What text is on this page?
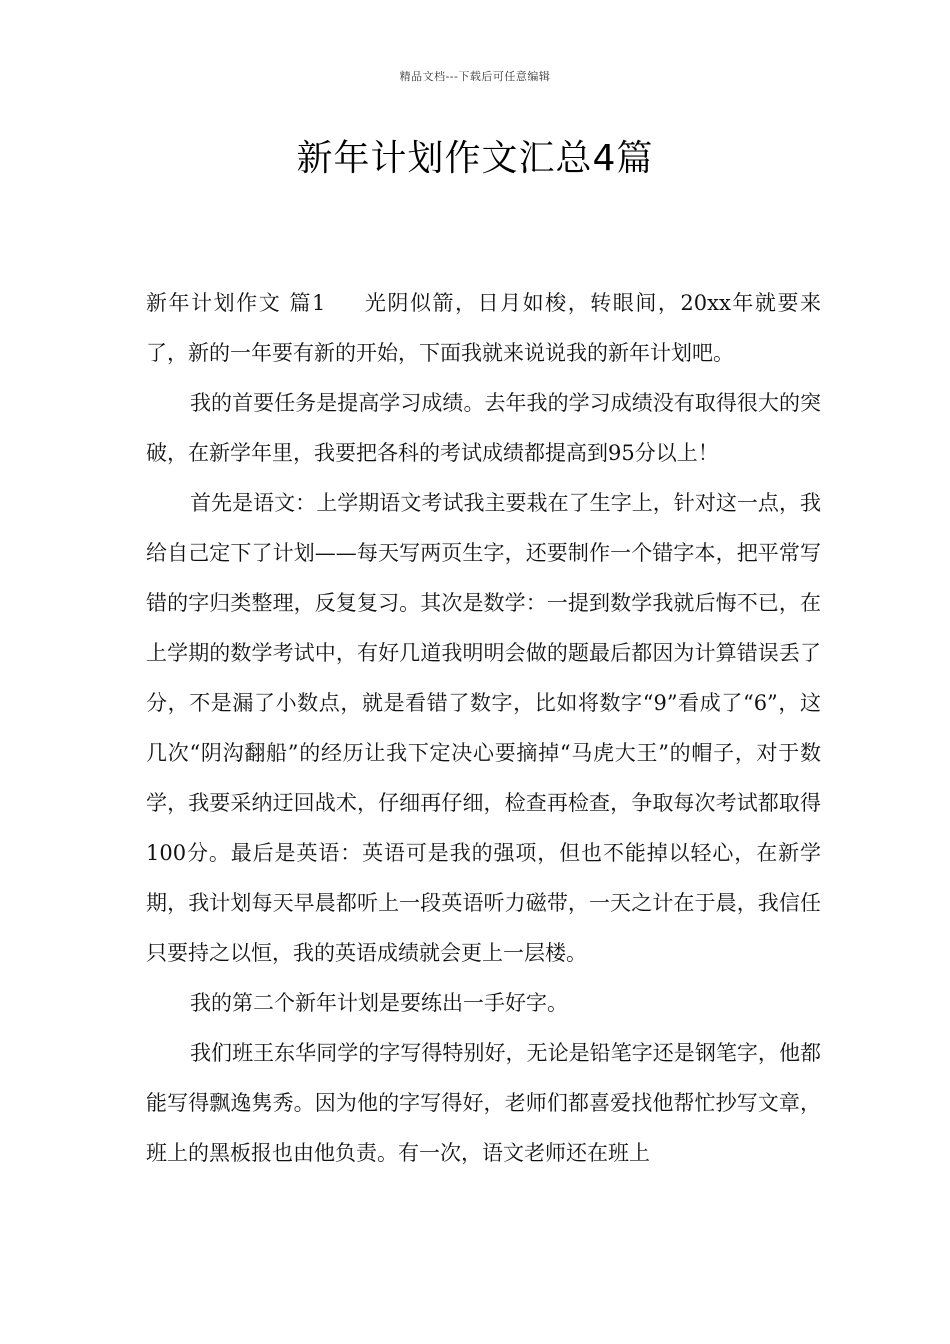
精品文档---下载后可任意编辑
新年计划作文汇总4篇

新年计划作文 篇1 光阴似箭，日月如梭，转眼间，20xx年就要来了，新的一年要有新的开始，下面我就来说说我的新年计划吧。

我的首要任务是提高学习成绩。去年我的学习成绩没有取得很大的突破，在新学年里，我要把各科的考试成绩都提高到95分以上！

首先是语文：上学期语文考试我主要栽在了生字上，针对这一点，我给自己定下了计划——每天写两页生字，还要制作一个错字本，把平常写错的字归类整理，反复复习。其次是数学：一提到数学我就后悔不已，在上学期的数学考试中，有好几道我明明会做的题最后都因为计算错误丢了分，不是漏了小数点，就是看错了数字，比如将数字“9”看成了“6”，这几次“阴沟翻船”的经历让我下定决心要摘掉“马虎大王”的帽子，对于数学，我要采纳迂回战术，仔细再仔细，检查再检查，争取每次考试都取得100分。最后是英语：英语可是我的强项，但也不能掉以轻心，在新学期，我计划每天早晨都听上一段英语听力磁带，一天之计在于晨，我信任只要持之以恒，我的英语成绩就会更上一层楼。

我的第二个新年计划是要练出一手好字。

我们班王东华同学的字写得特别好，无论是铅笔字还是钢笔字，他都能写得飘逸隽秀。因为他的字写得好，老师们都喜爱找他帮忙抄写文章，班上的黑板报也由他负责。有一次，语文老师还在班上
